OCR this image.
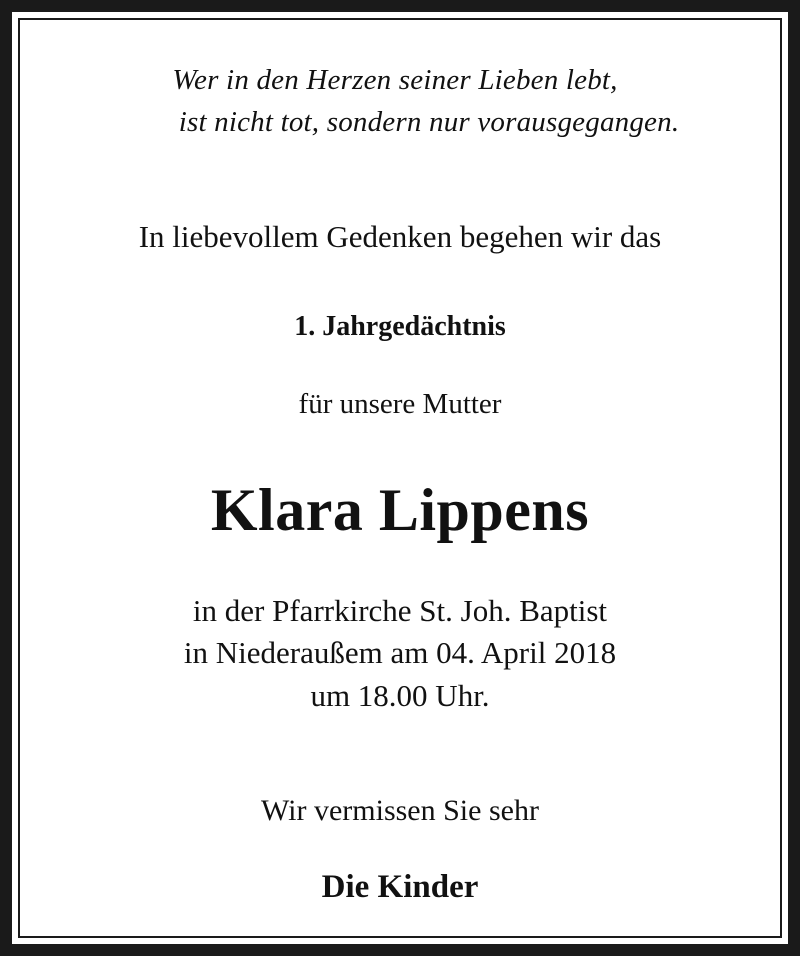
Wer in den Herzen seiner Lieben lebt,
ist nicht tot, sondern nur vorausgegangen.
In liebevollem Gedenken begehen wir das
1. Jahrgedächtnis
für unsere Mutter
Klara Lippens
in der Pfarrkirche St. Joh. Baptist
in Niederaußem am 04. April 2018
um 18.00 Uhr.
Wir vermissen Sie sehr
Die Kinder
